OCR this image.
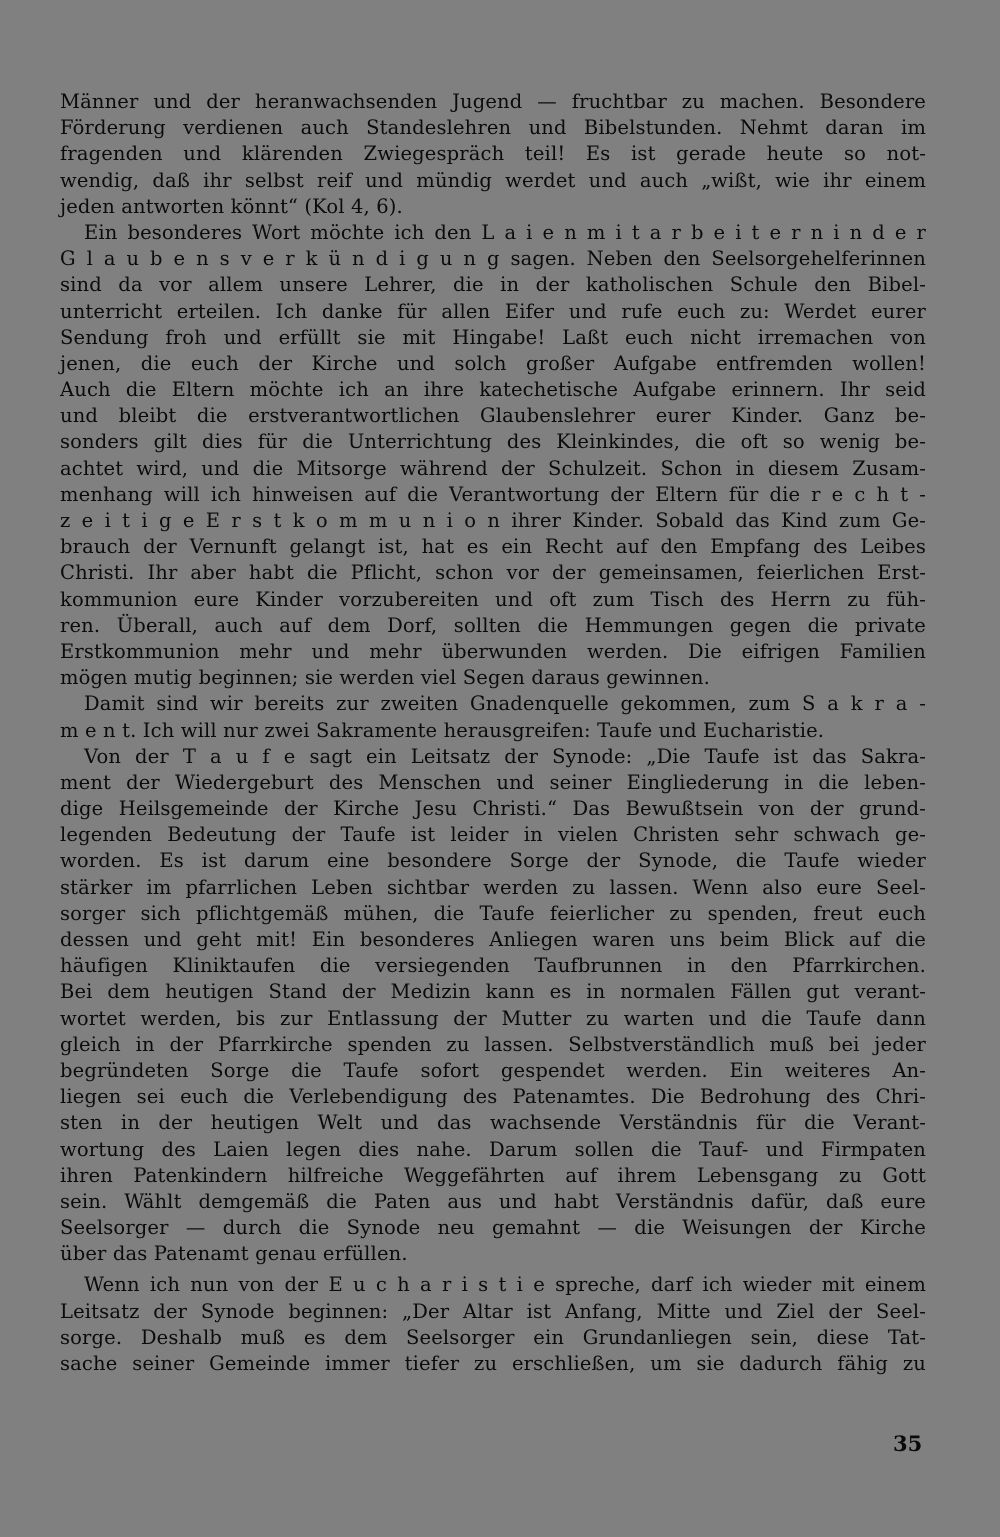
Männer und der heranwachsenden Jugend — fruchtbar zu machen. Besondere
Förderung verdienen auch Standeslehren und Bibelstunden. Nehmt daran im
fragenden und klärenden Zwiegespräch teil! Es ist gerade heute so not-
wendig, daß ihr selbst reif und mündig werdet und auch „wißt, wie ihr einem
jeden antworten könnt“ (Kol 4, 6).
Ein besonderes Wort möchte ich den L a i e n m i t a r b e i t e r n i n d e r
G l a u b e n s v e r k ü n d i g u n g sagen. Neben den Seelsorgehelferinnen
sind da vor allem unsere Lehrer, die in der katholischen Schule den Bibel-
unterricht erteilen. Ich danke für allen Eifer und rufe euch zu: Werdet eurer
Sendung froh und erfüllt sie mit Hingabe! Laßt euch nicht irremachen von
jenen, die euch der Kirche und solch großer Aufgabe entfremden wollen!
Auch die Eltern möchte ich an ihre katechetische Aufgabe erinnern. Ihr seid
und bleibt die erstverantwortlichen Glaubenslehrer eurer Kinder. Ganz be-
sonders gilt dies für die Unterrichtung des Kleinkindes, die oft so wenig be-
achtet wird, und die Mitsorge während der Schulzeit. Schon in diesem Zusam-
menhang will ich hinweisen auf die Verantwortung der Eltern für die r e c h t -
z e i t i g e E r s t k o m m u n i o n ihrer Kinder. Sobald das Kind zum Ge-
brauch der Vernunft gelangt ist, hat es ein Recht auf den Empfang des Leibes
Christi. Ihr aber habt die Pflicht, schon vor der gemeinsamen, feierlichen Erst-
kommunion eure Kinder vorzubereiten und oft zum Tisch des Herrn zu füh-
ren. Überall, auch auf dem Dorf, sollten die Hemmungen gegen die private
Erstkommunion mehr und mehr überwunden werden. Die eifrigen Familien
mögen mutig beginnen; sie werden viel Segen daraus gewinnen.
Damit sind wir bereits zur zweiten Gnadenquelle gekommen, zum S a k r a -
m e n t. Ich will nur zwei Sakramente herausgreifen: Taufe und Eucharistie.
Von der T a u f e sagt ein Leitsatz der Synode: „Die Taufe ist das Sakra-
ment der Wiedergeburt des Menschen und seiner Eingliederung in die leben-
dige Heilsgemeinde der Kirche Jesu Christi.“ Das Bewußtsein von der grund-
legenden Bedeutung der Taufe ist leider in vielen Christen sehr schwach ge-
worden. Es ist darum eine besondere Sorge der Synode, die Taufe wieder
stärker im pfarrlichen Leben sichtbar werden zu lassen. Wenn also eure Seel-
sorger sich pflichtgemäß mühen, die Taufe feierlicher zu spenden, freut euch
dessen und geht mit! Ein besonderes Anliegen waren uns beim Blick auf die
häufigen Kliniktaufen die versiegenden Taufbrunnen in den Pfarrkirchen.
Bei dem heutigen Stand der Medizin kann es in normalen Fällen gut verant-
wortet werden, bis zur Entlassung der Mutter zu warten und die Taufe dann
gleich in der Pfarrkirche spenden zu lassen. Selbstverständlich muß bei jeder
begründeten Sorge die Taufe sofort gespendet werden. Ein weiteres An-
liegen sei euch die Verlebendigung des Patenamtes. Die Bedrohung des Chri-
sten in der heutigen Welt und das wachsende Verständnis für die Verant-
wortung des Laien legen dies nahe. Darum sollen die Tauf- und Firmpaten
ihren Patenkindern hilfreiche Weggefährten auf ihrem Lebensgang zu Gott
sein. Wählt demgemäß die Paten aus und habt Verständnis dafür, daß eure
Seelsorger — durch die Synode neu gemahnt — die Weisungen der Kirche
über das Patenamt genau erfüllen.
Wenn ich nun von der E u c h a r i s t i e spreche, darf ich wieder mit einem
Leitsatz der Synode beginnen: „Der Altar ist Anfang, Mitte und Ziel der Seel-
sorge. Deshalb muß es dem Seelsorger ein Grundanliegen sein, diese Tat-
sache seiner Gemeinde immer tiefer zu erschließen, um sie dadurch fähig zu
35
